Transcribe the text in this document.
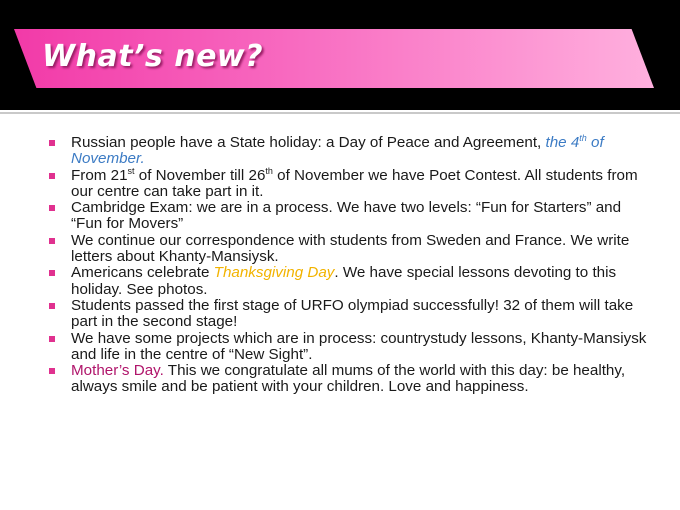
What’s new?
Russian people have a State holiday: a Day of Peace and Agreement, the 4th of November.
From 21st of November till 26th of November we have Poet Contest. All students from our centre can take part in it.
Cambridge Exam: we are in a process. We have two levels: “Fun for Starters” and “Fun for Movers”
We continue our correspondence with students from Sweden and France. We write letters about Khanty-Mansiysk.
Americans celebrate Thanksgiving Day. We have special lessons devoting to this holiday. See photos.
Students passed the first stage of URFO olympiad successfully! 32 of them will take part in the second stage!
We have some projects which are in process: countrystudy lessons, Khanty-Mansiysk and life in the centre of “New Sight”.
Mother’s Day. This we congratulate all mums of the world with this day: be healthy, always smile and be patient with your children. Love and happiness.
